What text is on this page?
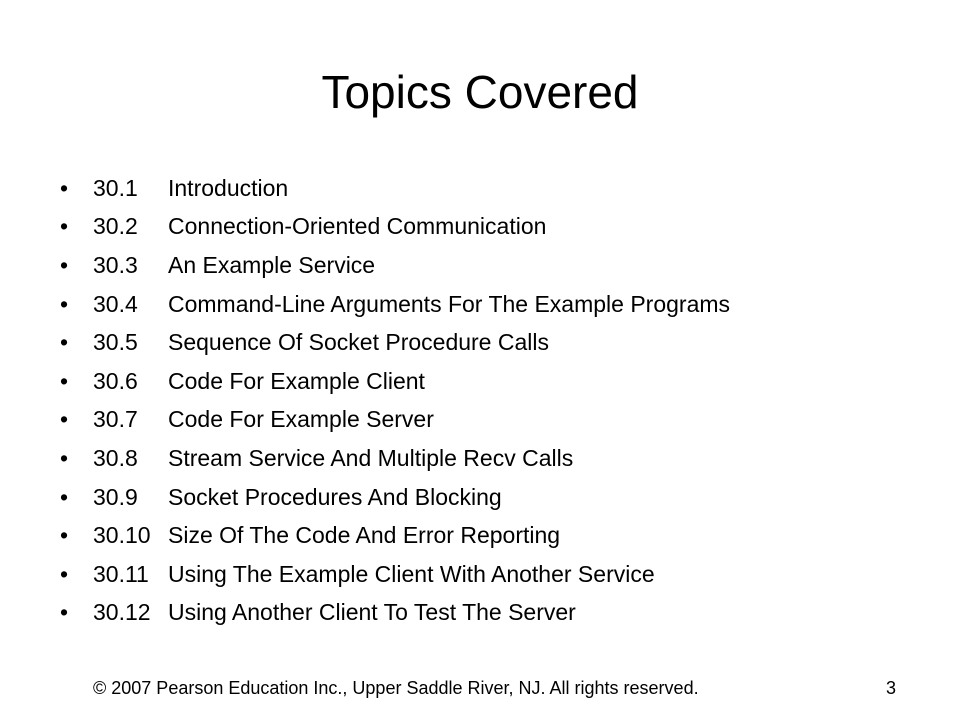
Topics Covered
•	30.1	Introduction
•	30.2	Connection-Oriented Communication
•	30.3	An Example Service
•	30.4	Command-Line Arguments For The Example Programs
•	30.5	Sequence Of Socket Procedure Calls
•	30.6	Code For Example Client
•	30.7	Code For Example Server
•	30.8	Stream Service And Multiple Recv Calls
•	30.9	Socket Procedures And Blocking
•	30.10 Size Of The Code And Error Reporting
•	30.11 Using The Example Client With Another Service
•	30.12 Using Another Client To Test The Server
© 2007 Pearson Education Inc., Upper Saddle River, NJ. All rights reserved.	3
